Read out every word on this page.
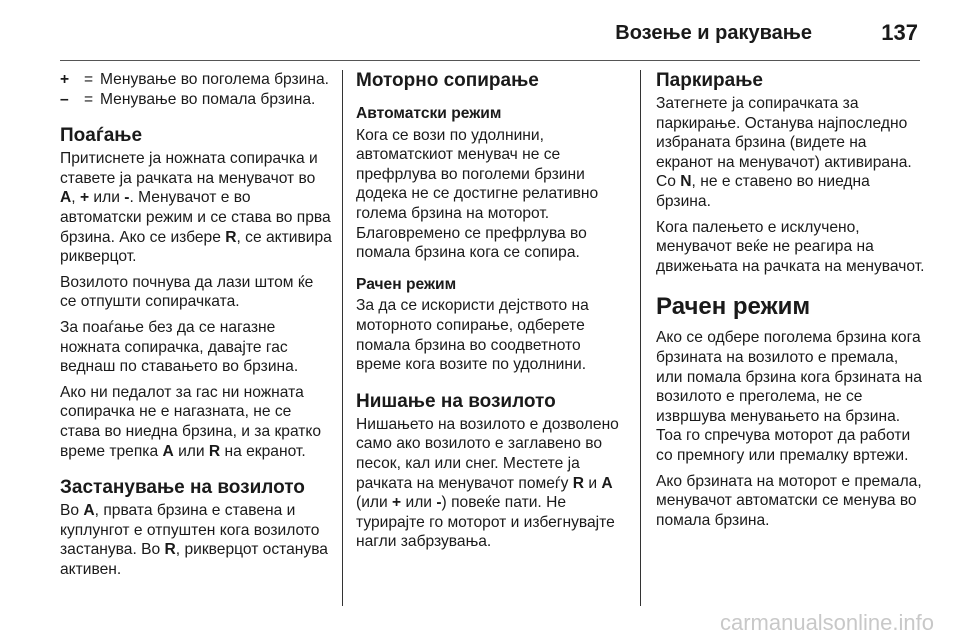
Возење и ракување	137
+ = Менување во поголема брзина.
– = Менување во помала брзина.
Поаѓање

Притиснете ја ножната сопирачка и ставете ја рачката на менувачот во A, + или -. Менувачот е во автоматски режим и се става во прва брзина. Ако се избере R, се активира рикверцот.

Возилото почнува да лази штом ќе се отпушти сопирачката.

За поаѓање без да се нагазне ножната сопирачка, давајте гас веднаш по ставањето во брзина.

Ако ни педалот за гас ни ножната сопирачка не е нагазната, не се става во ниедна брзина, и за кратко време трепка A или R на екранот.

Застанување на возилото

Во A, првата брзина е ставена и куплунгот е отпуштен кога возилото застанува. Во R, рикверцот останува активен.

Моторно сопирање
Автоматски режим

Кога се вози по удолнини, автоматскиот менувач не се префрлува во поголеми брзини додека не се достигне релативно голема брзина на моторот. Благовремено се префрлува во помала брзина кога се сопира.

Рачен режим

За да се искористи дејството на моторното сопирање, одберете помала брзина во соодветното време кога возите по удолнини.

Нишање на возилото

Нишањето на возилото е дозволено само ако возилото е заглавено во песок, кал или снег. Местете ја рачката на менувачот помеѓу R и A (или + или -) повеќе пати. Не турирајте го моторот и избегнувајте нагли забрзувања.

Паркирање

Затегнете ја сопирачката за паркирање. Останува најпоследно избраната брзина (видете на екранот на менувачот) активирана. Со N, не е ставено во ниедна брзина.

Кога палењето е исклучено, менувачот веќе не реагира на движењата на рачката на менувачот.

Рачен режим

Ако се одбере поголема брзина кога брзината на возилото е премала, или помала брзина кога брзината на возилото е преголема, не се извршува менувањето на брзина. Тоа го спречува моторот да работи со премногу или премалку вртежи.

Ако брзината на моторот е премала, менувачот автоматски се менува во помала брзина.

carmanualsonline.info
